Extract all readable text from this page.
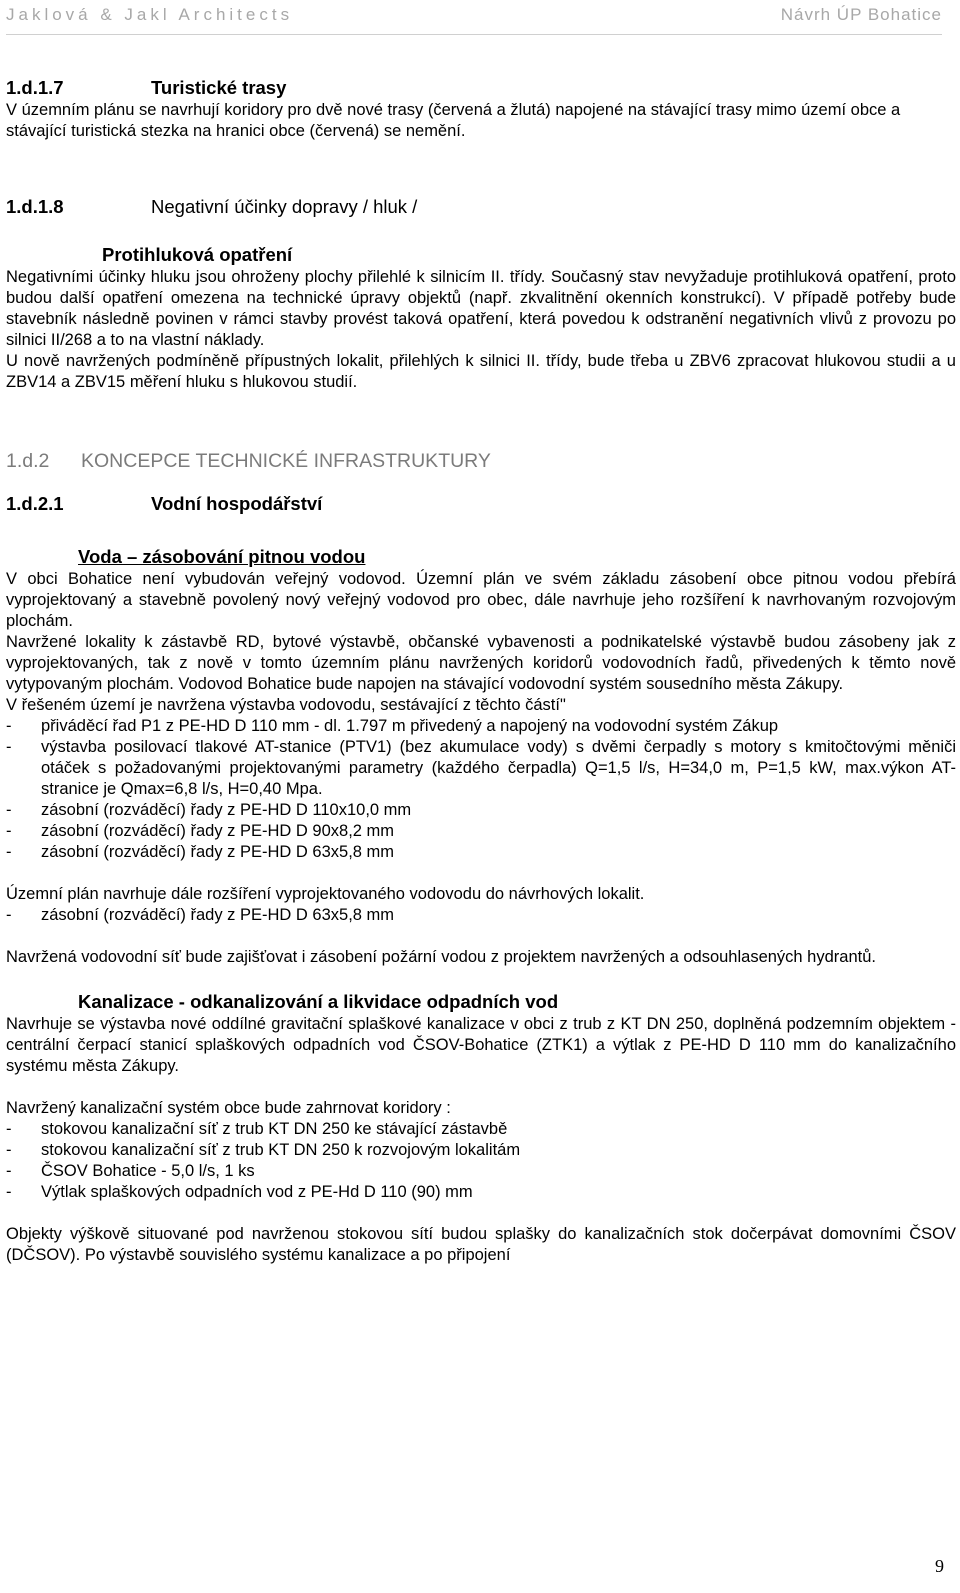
Jaklová & Jakl Architects	Návrh ÚP Bohatice
1.d.1.7	Turistické trasy

V územním plánu se navrhují koridory pro dvě nové trasy (červená a žlutá) napojené na stávající trasy mimo území obce a stávající turistická stezka na hranici obce (červená) se nemění.

1.d.1.8	Negativní účinky dopravy / hluk /
Protihluková opatření

Negativními účinky hluku jsou ohroženy plochy přilehlé k silnicím II. třídy. Současný stav nevyžaduje protihluková opatření, proto budou další opatření omezena na technické úpravy objektů (např. zkvalitnění okenních konstrukcí). V případě potřeby bude stavebník následně povinen v rámci stavby provést taková opatření, která povedou k odstranění negativních vlivů z provozu po silnici II/268 a to na vlastní náklady.

U nově navržených podmíněně přípustných lokalit, přilehlých k silnici II. třídy, bude třeba u ZBV6 zpracovat hlukovou studii a u ZBV14 a ZBV15 měření hluku s hlukovou studií.

1.d.2	KONCEPCE TECHNICKÉ INFRASTRUKTURY
1.d.2.1	Vodní hospodářství
Voda – zásobování pitnou vodou

V obci Bohatice není vybudován veřejný vodovod. Územní plán ve svém základu zásobení obce pitnou vodou přebírá vyprojektovaný a stavebně povolený nový veřejný vodovod pro obec, dále navrhuje jeho rozšíření k navrhovaným rozvojovým plochám.

Navržené lokality k zástavbě RD, bytové výstavbě, občanské vybavenosti a podnikatelské výstavbě budou zásobeny jak z vyprojektovaných, tak z nově v tomto územním plánu navržených koridorů vodovodních řadů, přivedených k těmto nově vytypovaným plochám. Vodovod Bohatice bude napojen na stávající vodovodní systém sousedního města Zákupy.

V řešeném území je navržena výstavba vodovodu, sestávající z těchto částí"

-	přiváděcí řad P1 z PE-HD D 110 mm - dl. 1.797 m přivedený a napojený na vodovodní systém Zákup
-	výstavba posilovací tlakové AT-stanice (PTV1) (bez akumulace vody) s dvěmi čerpadly s motory s kmitočtovými měniči otáček s požadovanými projektovanými parametry (každého čerpadla) Q=1,5 l/s, H=34,0 m, P=1,5 kW, max.výkon AT-stranice je Qmax=6,8 l/s, H=0,40 Mpa.
-	zásobní (rozváděcí) řady z PE-HD D 110x10,0 mm
-	zásobní (rozváděcí) řady z PE-HD D 90x8,2 mm
-	zásobní (rozváděcí) řady z PE-HD D 63x5,8 mm

Územní plán navrhuje dále rozšíření vyprojektovaného vodovodu do návrhových lokalit.

-	zásobní (rozváděcí) řady z PE-HD D 63x5,8 mm

Navržená vodovodní síť bude zajišťovat i zásobení požární vodou z projektem navržených a odsouhlasených hydrantů.

Kanalizace - odkanalizování a likvidace odpadních vod

Navrhuje se výstavba nové oddílné gravitační splaškové kanalizace v obci z trub z KT DN 250, doplněná podzemním objektem - centrální čerpací stanicí splaškových odpadních vod ČSOV-Bohatice (ZTK1) a výtlak z PE-HD D 110 mm do kanalizačního systému města Zákupy.

Navržený kanalizační systém obce bude zahrnovat koridory :

-	stokovou kanalizační síť z trub KT DN 250 ke stávající zástavbě
-	stokovou kanalizační síť z trub KT DN 250 k rozvojovým lokalitám
-	ČSOV Bohatice - 5,0 l/s, 1 ks
-	Výtlak splaškových odpadních vod z PE-Hd D 110 (90) mm

Objekty výškově situované pod navrženou stokovou sítí budou splašky do kanalizačních stok dočerpávat domovními ČSOV (DČSOV). Po výstavbě souvislého systému kanalizace a po připojení

9
